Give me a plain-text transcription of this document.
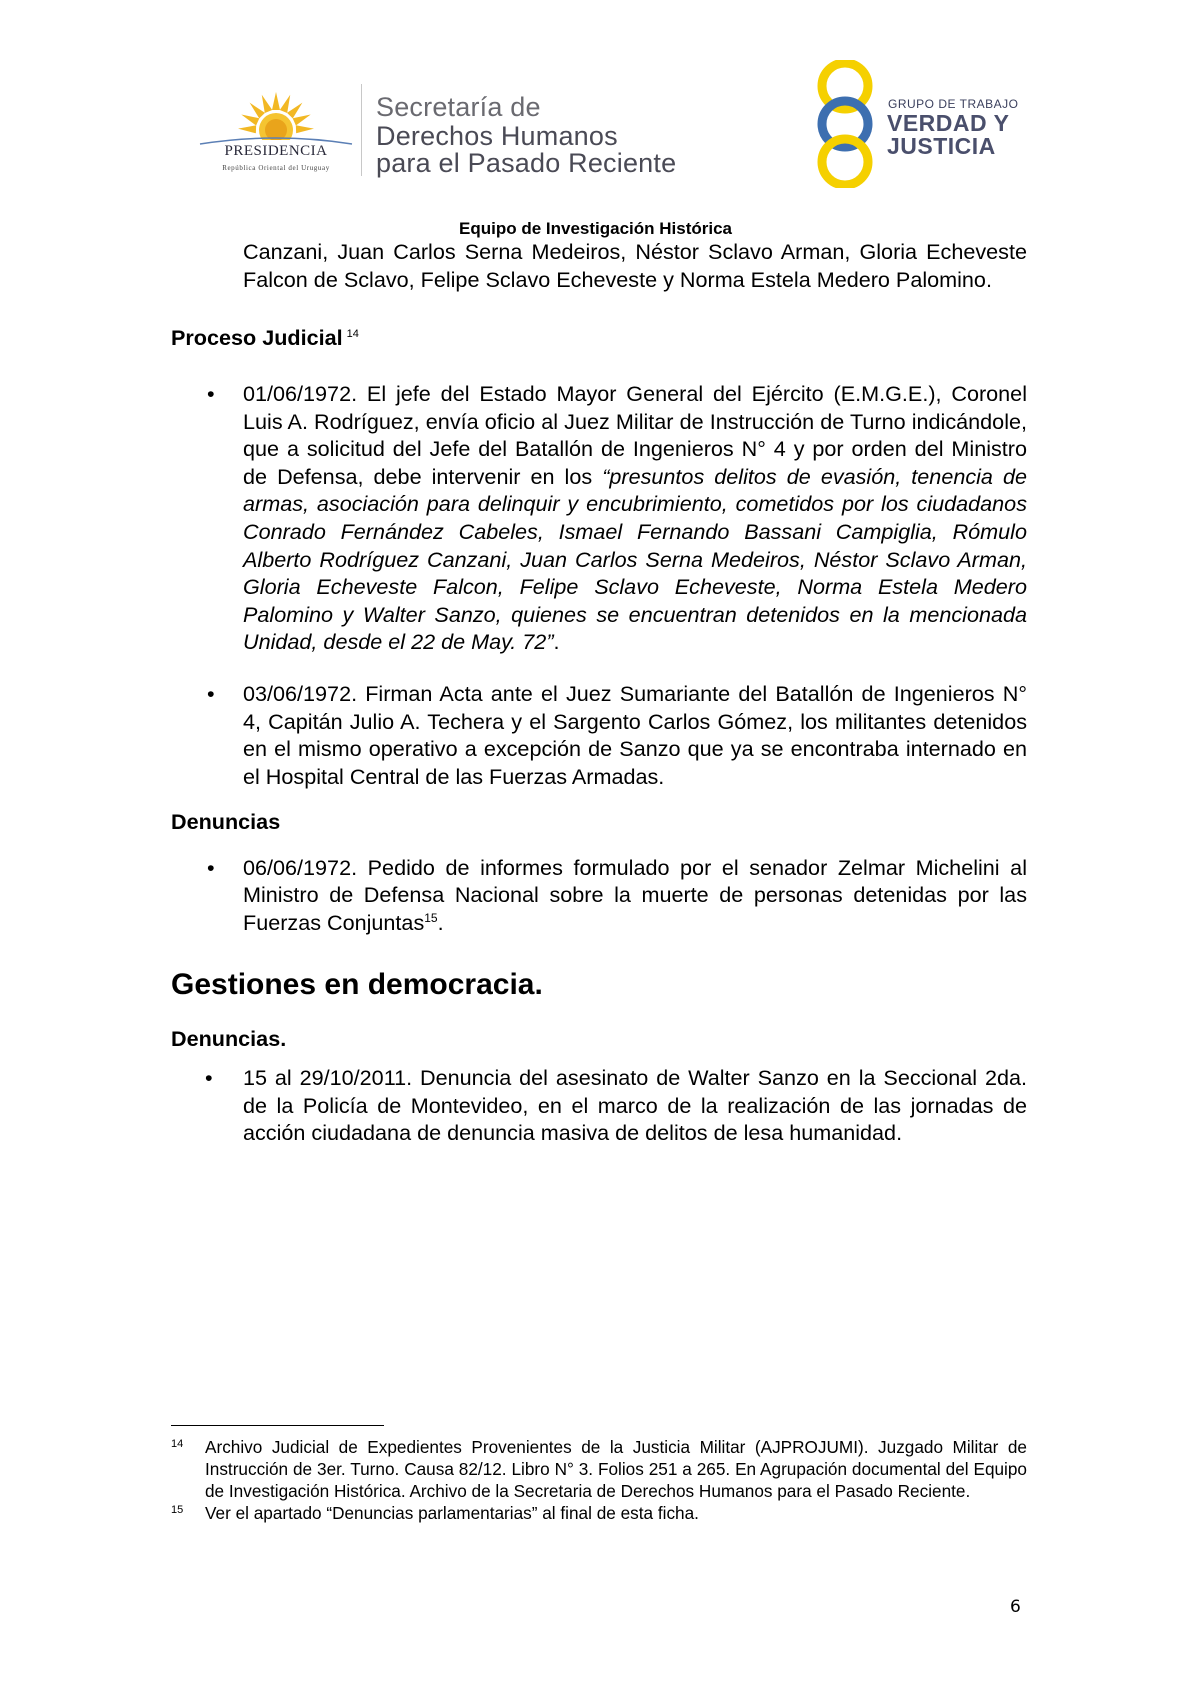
PRESIDENCIA
República Oriental del Uruguay
Secretaría de
Derechos Humanos
para el Pasado Reciente
GRUPO DE TRABAJO
VERDAD Y
JUSTICIA
Equipo de Investigación Histórica

Canzani, Juan Carlos Serna Medeiros, Néstor Sclavo Arman, Gloria Echeveste Falcon de Sclavo, Felipe Sclavo Echeveste y Norma Estela Medero Palomino.

Proceso Judicial $^{14}$

• 01/06/1972. El jefe del Estado Mayor General del Ejército (E.M.G.E.), Coronel Luis A. Rodríguez, envía oficio al Juez Militar de Instrucción de Turno indicándole, que a solicitud del Jefe del Batallón de Ingenieros N° 4 y por orden del Ministro de Defensa, debe intervenir en los “presuntos delitos de evasión, tenencia de armas, asociación para delinquir y encubrimiento, cometidos por los ciudadanos Conrado Fernández Cabeles, Ismael Fernando Bassani Campiglia, Rómulo Alberto Rodríguez Canzani, Juan Carlos Serna Medeiros, Néstor Sclavo Arman, Gloria Echeveste Falcon, Felipe Sclavo Echeveste, Norma Estela Medero Palomino y Walter Sanzo, quienes se encuentran detenidos en la mencionada Unidad, desde el 22 de May. 72”.

• 03/06/1972. Firman Acta ante el Juez Sumariante del Batallón de Ingenieros N° 4, Capitán Julio A. Techera y el Sargento Carlos Gómez, los militantes detenidos en el mismo operativo a excepción de Sanzo que ya se encontraba internado en el Hospital Central de las Fuerzas Armadas.

Denuncias

• 06/06/1972. Pedido de informes formulado por el senador Zelmar Michelini al Ministro de Defensa Nacional sobre la muerte de personas detenidas por las Fuerzas Conjuntas$^{15}$.

Gestiones en democracia.

Denuncias.

• 15 al 29/10/2011. Denuncia del asesinato de Walter Sanzo en la Seccional 2da. de la Policía de Montevideo, en el marco de la realización de las jornadas de acción ciudadana de denuncia masiva de delitos de lesa humanidad.

14 Archivo Judicial de Expedientes Provenientes de la Justicia Militar (AJPROJUMI). Juzgado Militar de Instrucción de 3er. Turno. Causa 82/12. Libro N° 3. Folios 251 a 265. En Agrupación documental del Equipo de Investigación Histórica. Archivo de la Secretaria de Derechos Humanos para el Pasado Reciente.
15 Ver el apartado “Denuncias parlamentarias” al final de esta ficha.
6
